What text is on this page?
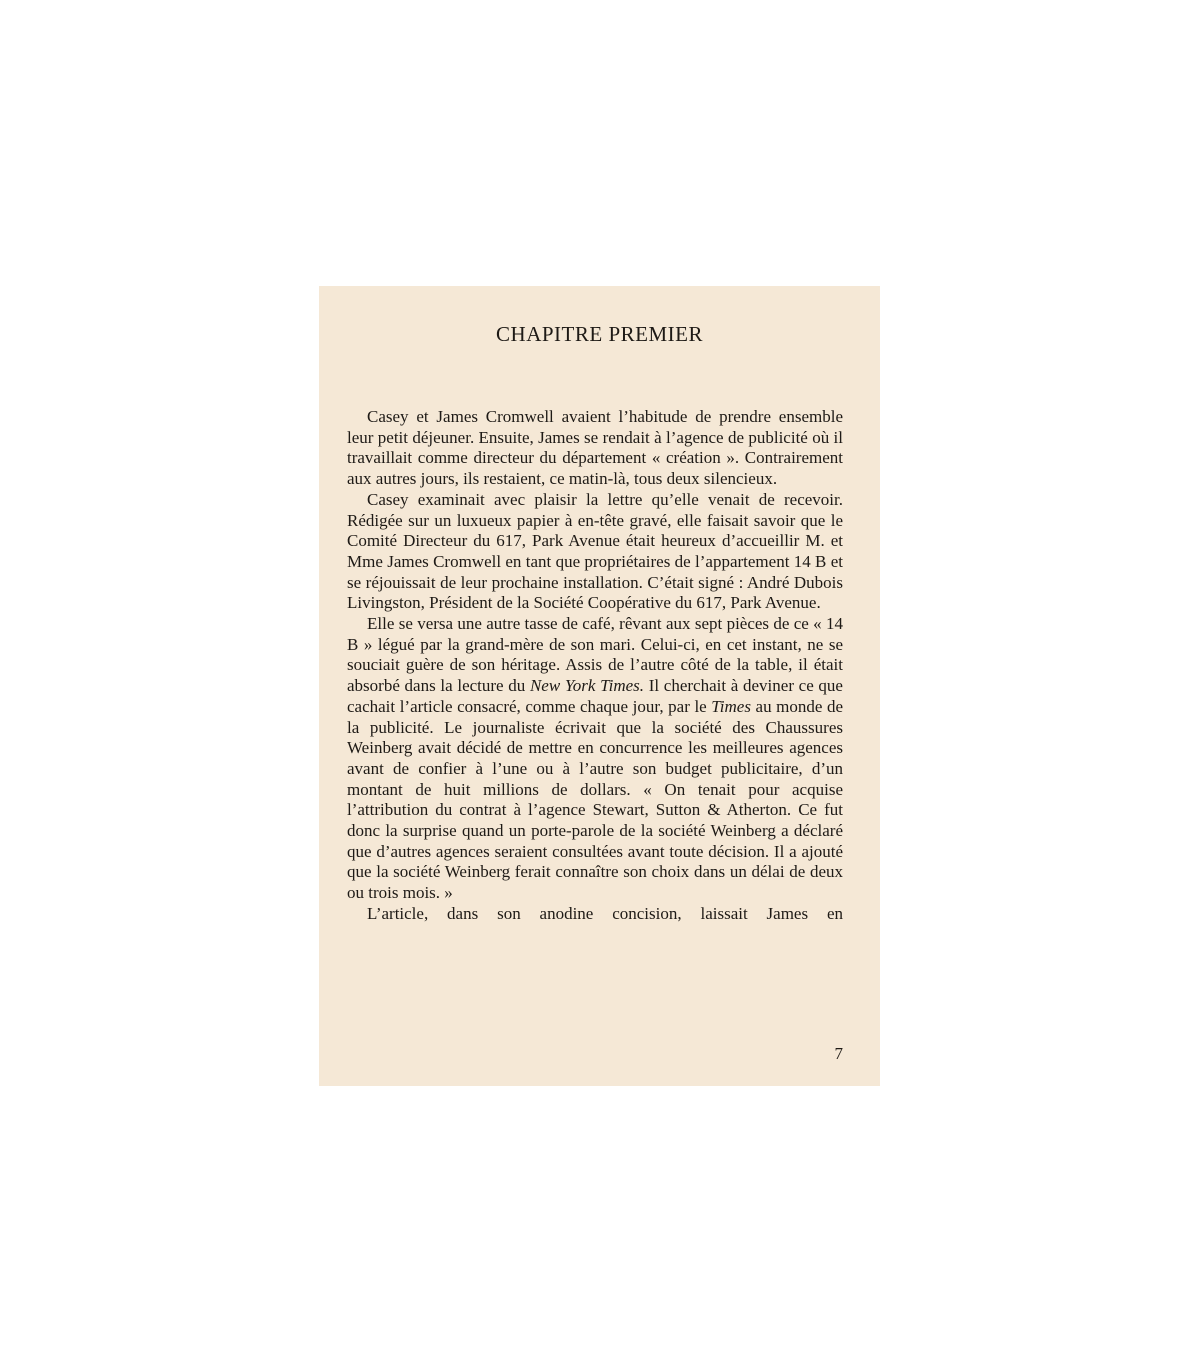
CHAPITRE PREMIER

Casey et James Cromwell avaient l’habitude de prendre ensemble leur petit déjeuner. Ensuite, James se rendait à l’agence de publicité où il travaillait comme directeur du département « création ». Contrairement aux autres jours, ils restaient, ce matin-là, tous deux silencieux.

Casey examinait avec plaisir la lettre qu’elle venait de recevoir. Rédigée sur un luxueux papier à en-tête gravé, elle faisait savoir que le Comité Directeur du 617, Park Avenue était heureux d’accueillir M. et Mme James Cromwell en tant que propriétaires de l’appartement 14 B et se réjouissait de leur prochaine installation. C’était signé : André Dubois Livingston, Président de la Société Coopérative du 617, Park Avenue.

Elle se versa une autre tasse de café, rêvant aux sept pièces de ce « 14 B » légué par la grand-mère de son mari. Celui-ci, en cet instant, ne se souciait guère de son héritage. Assis de l’autre côté de la table, il était absorbé dans la lecture du New York Times. Il cherchait à deviner ce que cachait l’article consacré, comme chaque jour, par le Times au monde de la publicité. Le journaliste écrivait que la société des Chaussures Weinberg avait décidé de mettre en concurrence les meilleures agences avant de confier à l’une ou à l’autre son budget publicitaire, d’un montant de huit millions de dollars. « On tenait pour acquise l’attribution du contrat à l’agence Stewart, Sutton & Atherton. Ce fut donc la surprise quand un porte-parole de la société Weinberg a déclaré que d’autres agences seraient consultées avant toute décision. Il a ajouté que la société Weinberg ferait connaître son choix dans un délai de deux ou trois mois. »

L’article, dans son anodine concision, laissait James en

7
